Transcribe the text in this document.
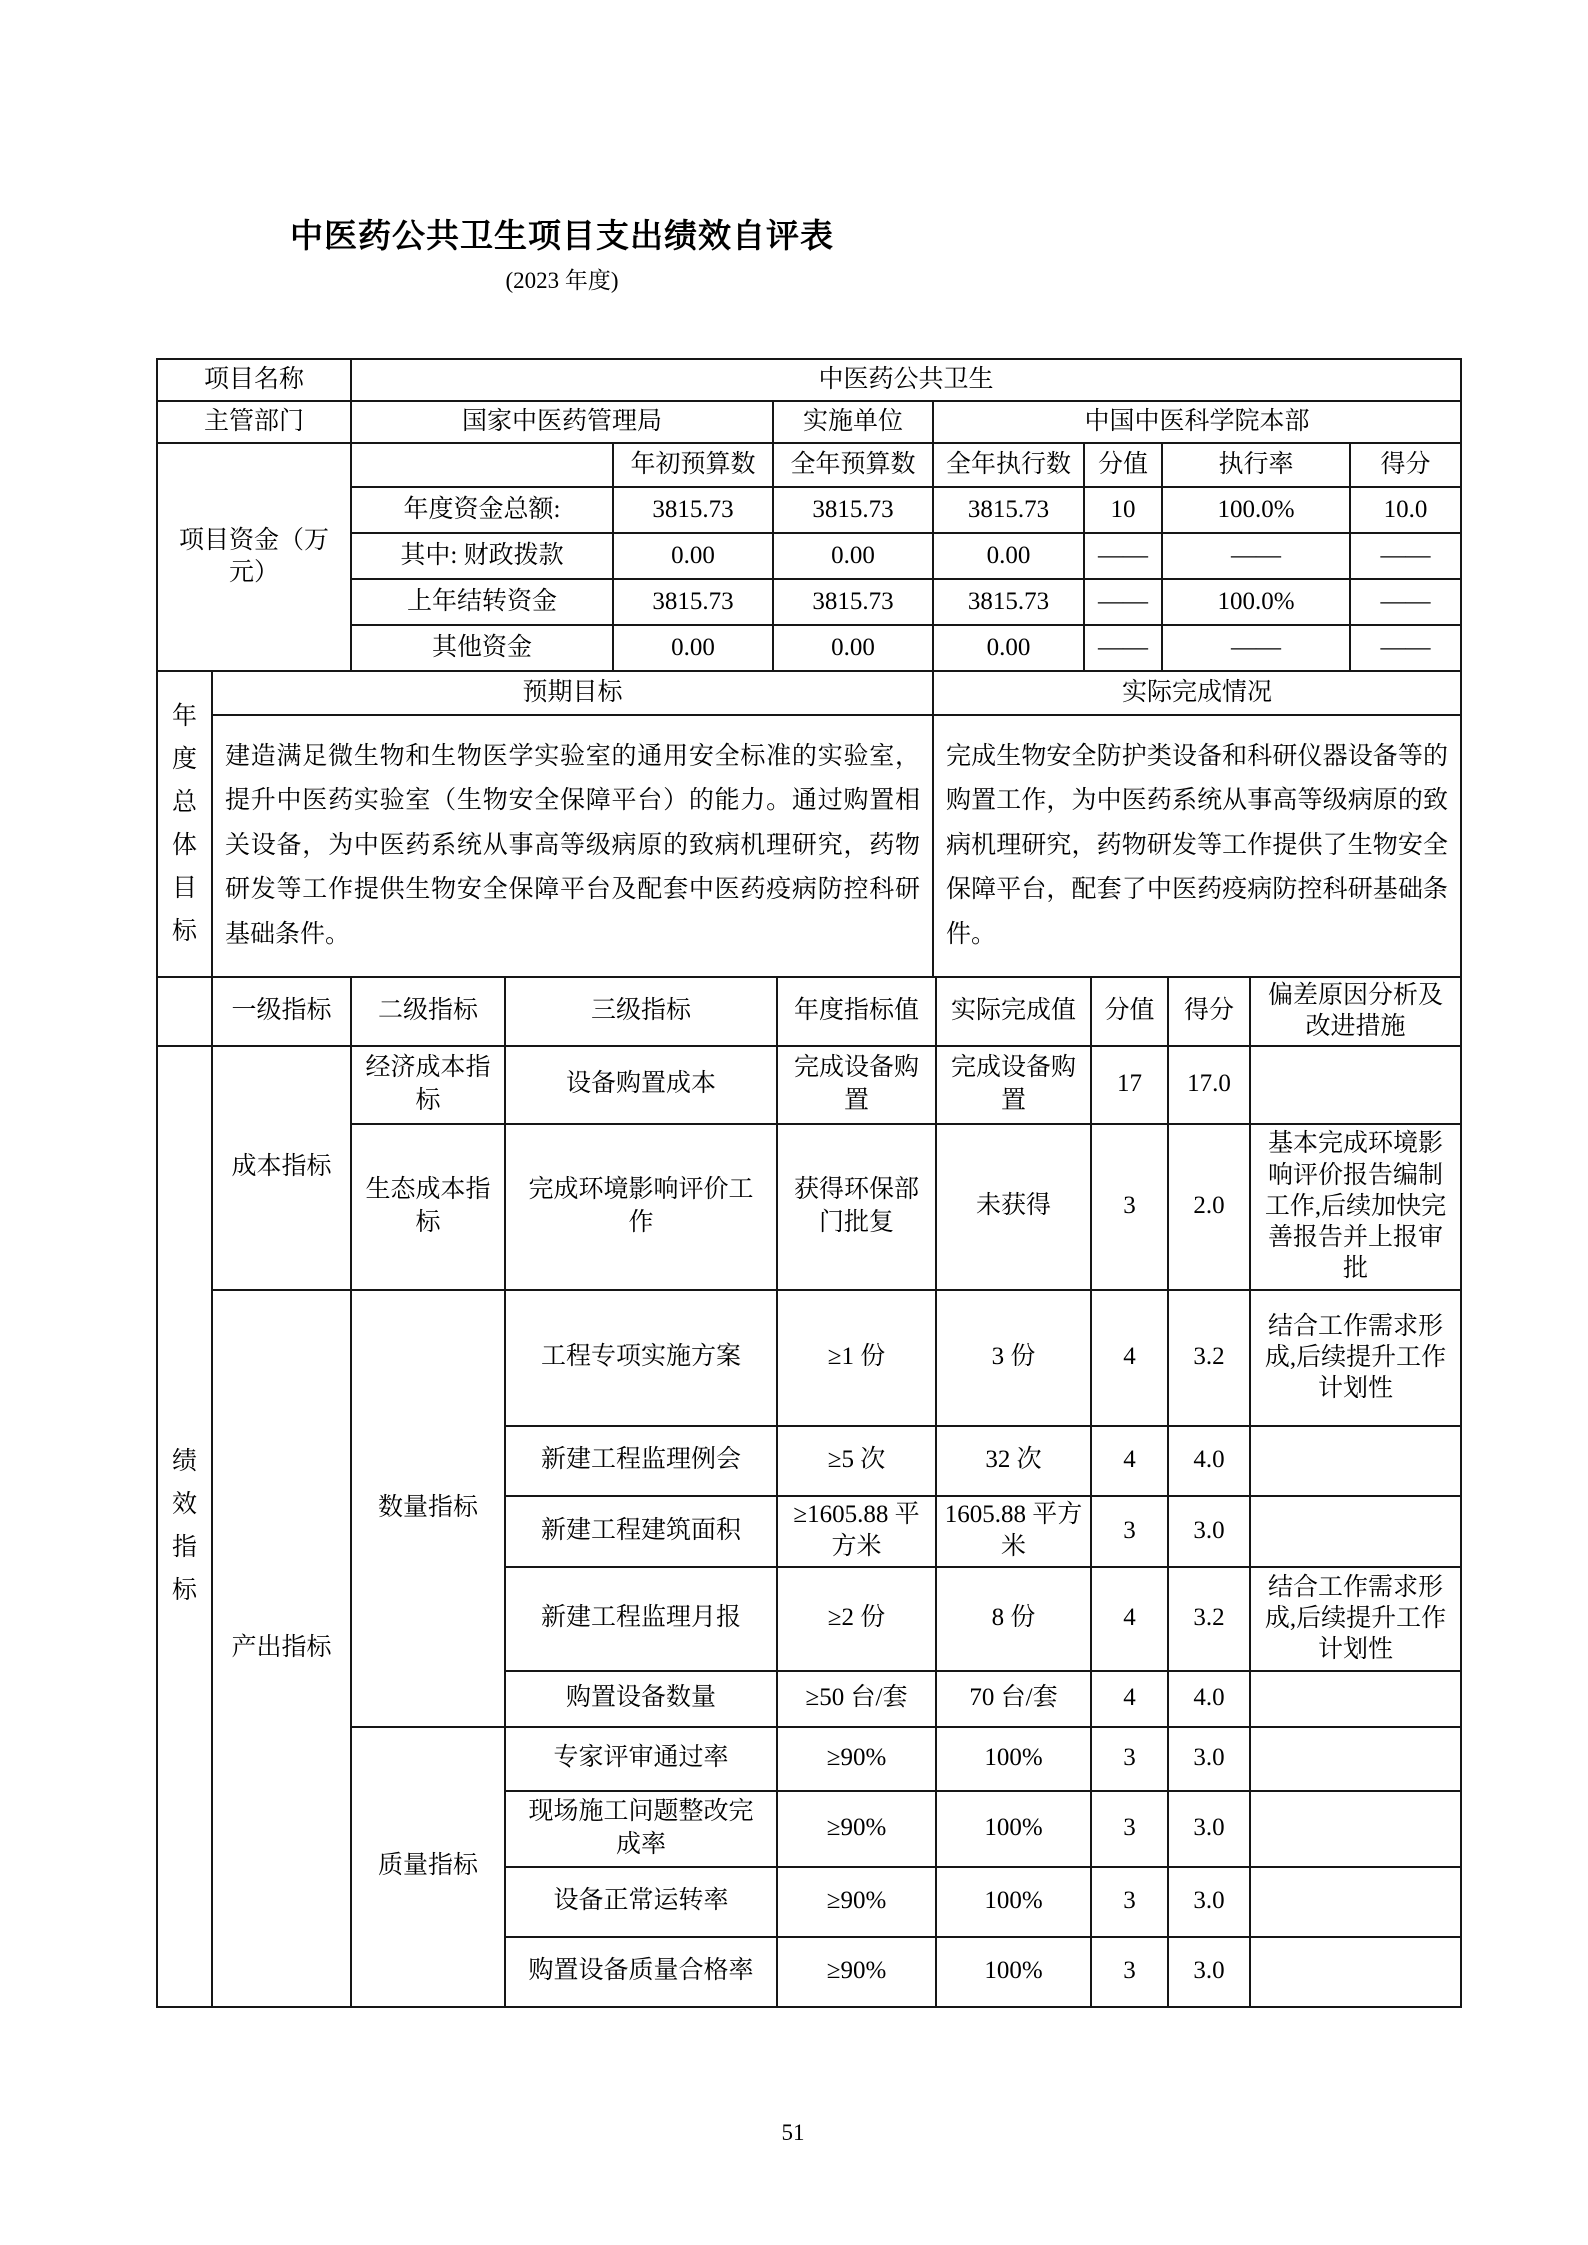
中医药公共卫生项目支出绩效自评表
(2023 年度)
项目名称		中医药公共卫生						
主管部门		国家中医药管理局		实施单位	中国中医科学院本部			
项目资金（万元）			年初预算数	全年预算数	全年执行数	分值	执行率	得分
		年度资金总额:	3815.73	3815.73	3815.73	10	100.0%	10.0
		其中: 财政拨款	0.00	0.00	0.00	——	——	——
		上年结转资金	3815.73	3815.73	3815.73	——	100.0%	——
		其他资金	0.00	0.00	0.00	——	——	——

年度总体目标	预期目标				实际完成情况			
	建造满足微生物和生物医学实验室的通用安全标准的实验室，提升中医药实验室（生物安全保障平台）的能力。通过购置相关设备，为中医药系统从事高等级病原的致病机理研究，药物研发等工作提供生物安全保障平台及配套中医药疫病防控科研基础条件。				完成生物安全防护类设备和科研仪器设备等的购置工作，为中医药系统从事高等级病原的致病机理研究，药物研发等工作提供了生物安全保障平台，配套了中医药疫病防控科研基础条件。			
	一级指标	二级指标	三级指标	年度指标值	实际完成值	分值	得分	偏差原因分析及改进措施

绩效指标	成本指标	经济成本指标	设备购置成本	完成设备购置	完成设备购置	17	17.0	
		生态成本指标	完成环境影响评价工作	获得环保部门批复	未获得	3	2.0	基本完成环境影响评价报告编制工作,后续加快完善报告并上报审批
	产出指标	数量指标	工程专项实施方案	≥1 份	3 份	4	3.2	结合工作需求形成,后续提升工作计划性
			新建工程监理例会	≥5 次	32 次	4	4.0	
			新建工程建筑面积	≥1605.88 平方米	1605.88 平方米	3	3.0	
			新建工程监理月报	≥2 份	8 份	4	3.2	结合工作需求形成,后续提升工作计划性
			购置设备数量	≥50 台/套	70 台/套	4	4.0	
		质量指标	专家评审通过率	≥90%	100%	3	3.0	
			现场施工问题整改完成率	≥90%	100%	3	3.0	
			设备正常运转率	≥90%	100%	3	3.0	
			购置设备质量合格率	≥90%	100%	3	3.0	
51
